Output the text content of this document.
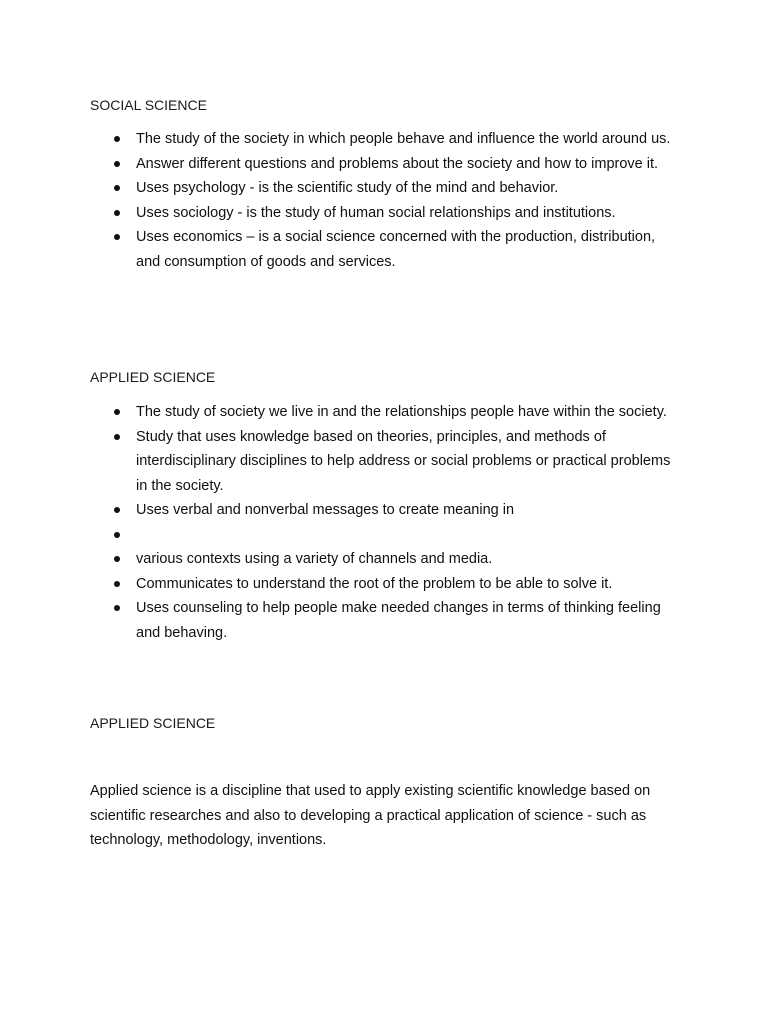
SOCIAL SCIENCE
The study of the society in which people behave and influence the world around us.
Answer different questions and problems about the society and how to improve it.
Uses psychology - is the scientific study of the mind and behavior.
Uses sociology - is the study of human social relationships and institutions.
Uses economics – is a social science concerned with the production, distribution, and consumption of goods and services.
APPLIED SCIENCE
The study of society we live in and the relationships people have within the society.
Study that uses knowledge based on theories, principles, and methods of interdisciplinary disciplines to help address or social problems or practical problems in the society.
Uses verbal and nonverbal messages to create meaning in
various contexts using a variety of channels and media.
Communicates to understand the root of the problem to be able to solve it.
Uses counseling to help people make needed changes in terms of thinking feeling and behaving.
APPLIED SCIENCE

Applied science is a discipline that used to apply existing scientific knowledge based on scientific researches and also to developing a practical application of science - such as technology, methodology, inventions.
